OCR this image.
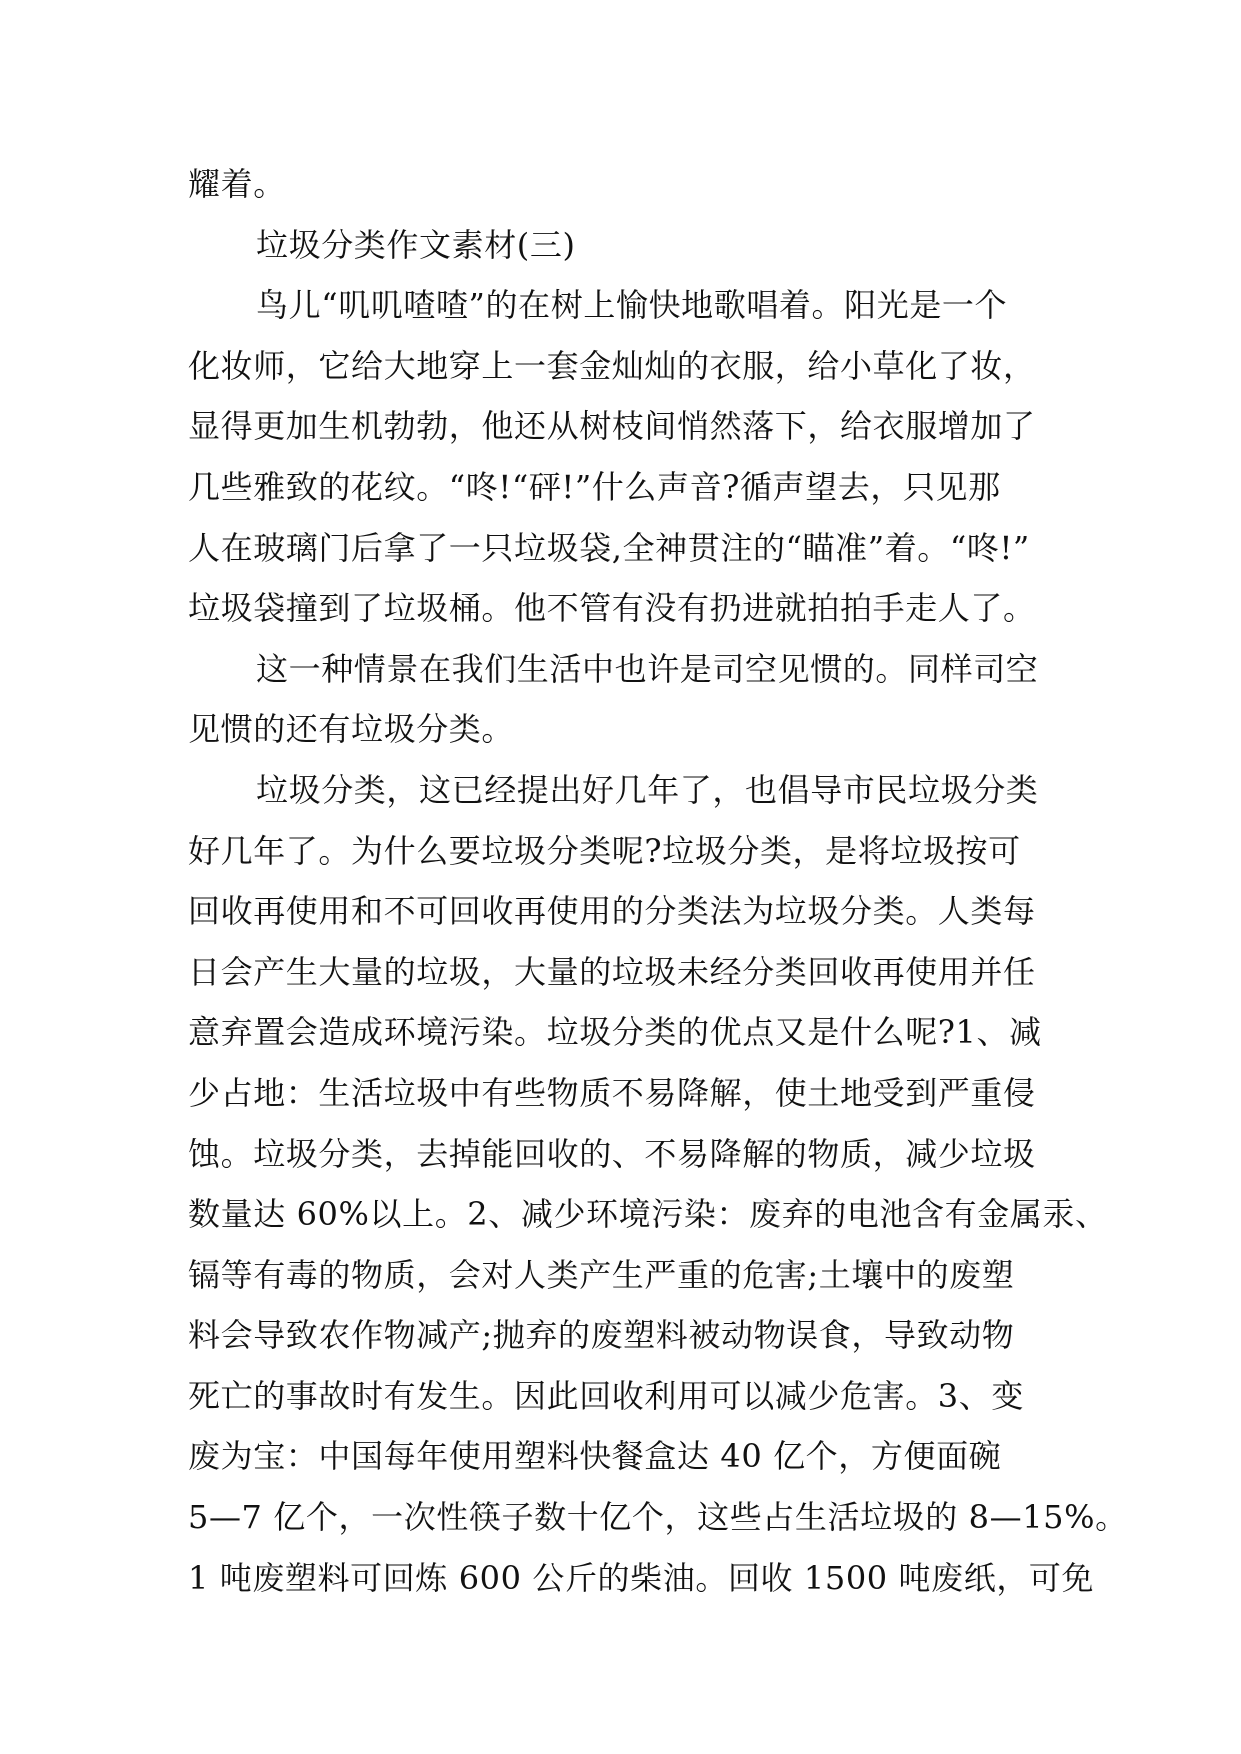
耀着。
垃圾分类作文素材(三)
鸟儿“叽叽喳喳”的在树上愉快地歌唱着。阳光是一个
化妆师，它给大地穿上一套金灿灿的衣服，给小草化了妆，
显得更加生机勃勃，他还从树枝间悄然落下，给衣服增加了
几些雅致的花纹。“咚!“砰!”什么声音?循声望去，只见那
人在玻璃门后拿了一只垃圾袋,全神贯注的“瞄准”着。“咚!”
垃圾袋撞到了垃圾桶。他不管有没有扔进就拍拍手走人了。
这一种情景在我们生活中也许是司空见惯的。同样司空
见惯的还有垃圾分类。
垃圾分类，这已经提出好几年了，也倡导市民垃圾分类
好几年了。为什么要垃圾分类呢?垃圾分类，是将垃圾按可
回收再使用和不可回收再使用的分类法为垃圾分类。人类每
日会产生大量的垃圾，大量的垃圾未经分类回收再使用并任
意弃置会造成环境污染。垃圾分类的优点又是什么呢?1、减
少占地：生活垃圾中有些物质不易降解，使土地受到严重侵
蚀。垃圾分类，去掉能回收的、不易降解的物质，减少垃圾
数量达 60%以上。2、减少环境污染：废弃的电池含有金属汞、
镉等有毒的物质，会对人类产生严重的危害;土壤中的废塑
料会导致农作物减产;抛弃的废塑料被动物误食，导致动物
死亡的事故时有发生。因此回收利用可以减少危害。3、变
废为宝：中国每年使用塑料快餐盒达 40 亿个，方便面碗
5—7 亿个，一次性筷子数十亿个，这些占生活垃圾的 8—15%。
1 吨废塑料可回炼 600 公斤的柴油。回收 1500 吨废纸，可免
